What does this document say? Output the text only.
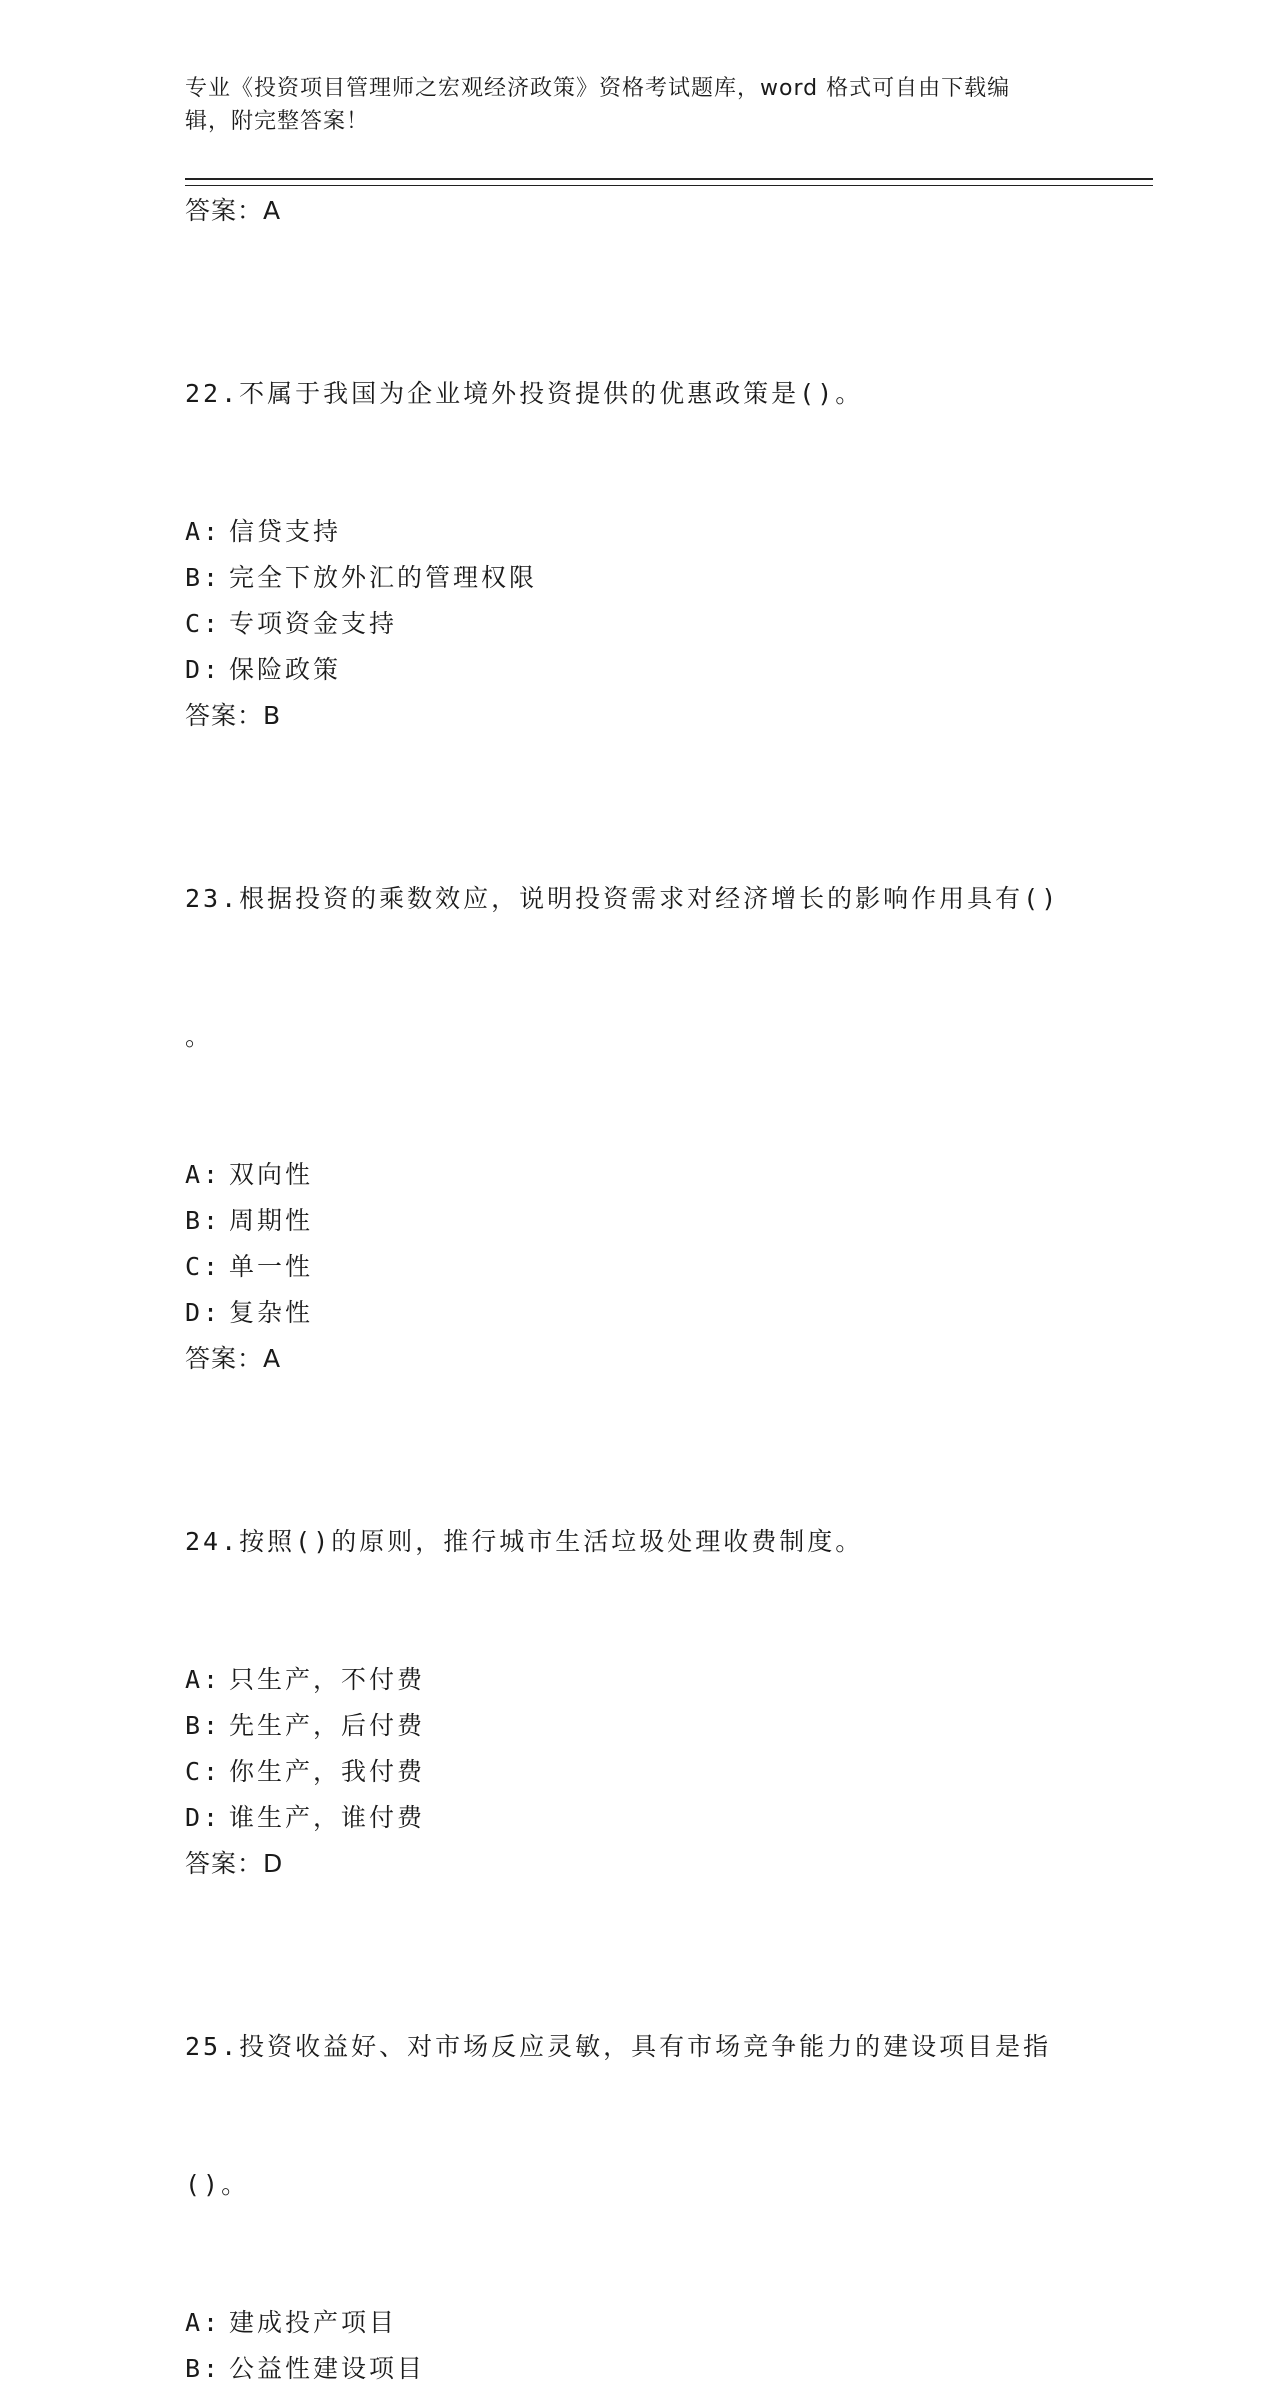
专业《投资项目管理师之宏观经济政策》资格考试题库，word 格式可自由下载编
辑，附完整答案！
答案：A

22.不属于我国为企业境外投资提供的优惠政策是()。

A: 信贷支持
B: 完全下放外汇的管理权限
C: 专项资金支持
D: 保险政策
答案：B

23.根据投资的乘数效应，说明投资需求对经济增长的影响作用具有()

。

A: 双向性
B: 周期性
C: 单一性
D: 复杂性
答案：A

24.按照()的原则，推行城市生活垃圾处理收费制度。

A: 只生产，不付费
B: 先生产，后付费
C: 你生产，我付费
D: 谁生产，谁付费
答案：D

25.投资收益好、对市场反应灵敏，具有市场竞争能力的建设项目是指

()。

A: 建成投产项目
B: 公益性建设项目
